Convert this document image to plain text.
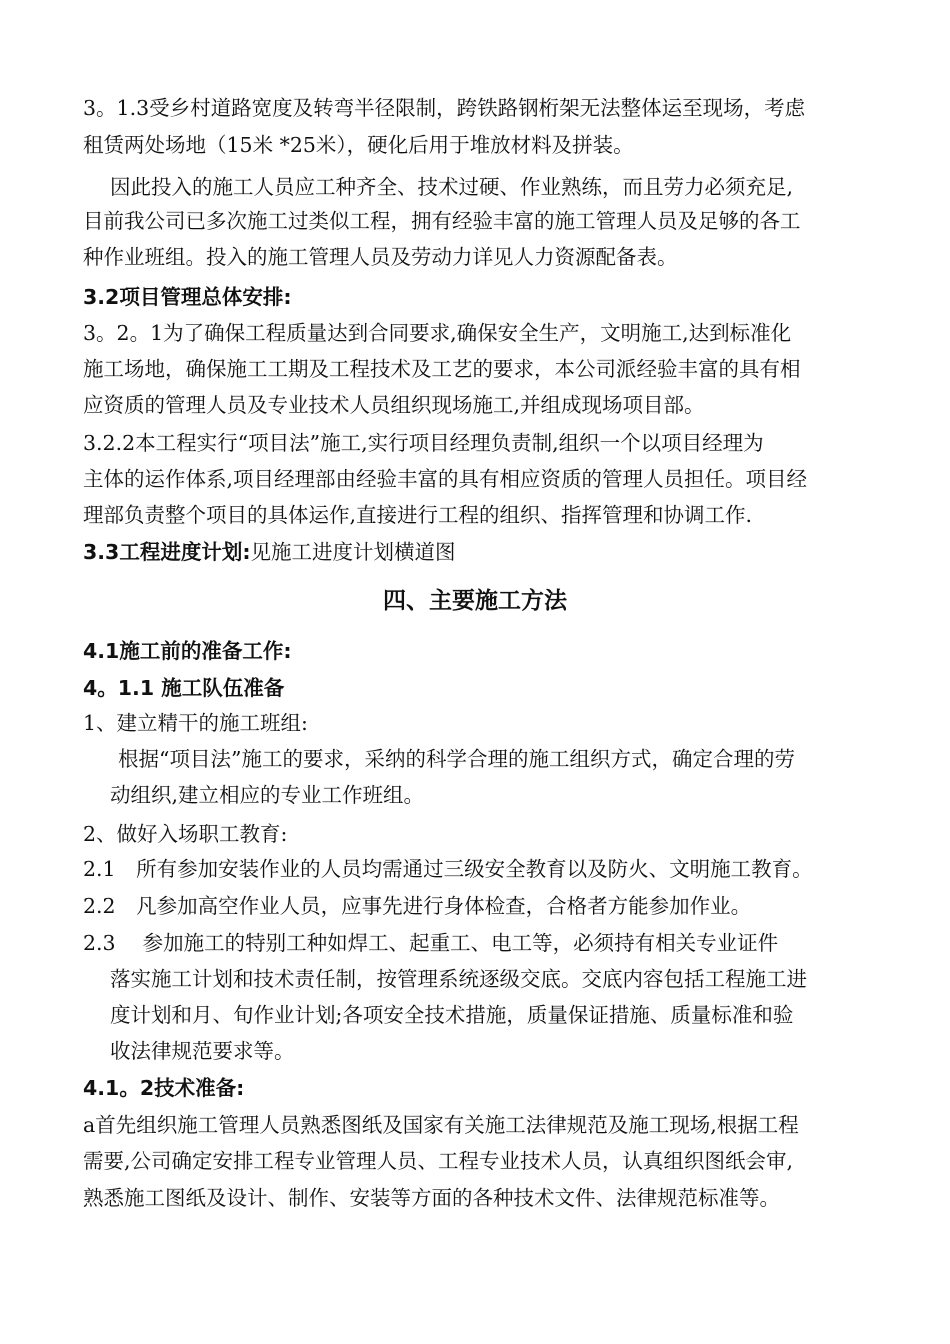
3。1.3受乡村道路宽度及转弯半径限制，跨铁路钢桁架无法整体运至现场，考虑
租赁两处场地（15米 *25米），硬化后用于堆放材料及拼装。
因此投入的施工人员应工种齐全、技术过硬、作业熟练，而且劳力必须充足,
目前我公司已多次施工过类似工程，拥有经验丰富的施工管理人员及足够的各工
种作业班组。投入的施工管理人员及劳动力详见人力资源配备表。
3.2项目管理总体安排:
3。2。1为了确保工程质量达到合同要求,确保安全生产，文明施工,达到标准化
施工场地，确保施工工期及工程技术及工艺的要求，本公司派经验丰富的具有相
应资质的管理人员及专业技术人员组织现场施工,并组成现场项目部。
3.2.2本工程实行“项目法”施工,实行项目经理负责制,组织一个以项目经理为
主体的运作体系,项目经理部由经验丰富的具有相应资质的管理人员担任。项目经
理部负责整个项目的具体运作,直接进行工程的组织、指挥管理和协调工作.
3.3工程进度计划:见施工进度计划横道图
四、主要施工方法
4.1施工前的准备工作:
4。1.1 施工队伍准备
1、建立精干的施工班组:
根据“项目法”施工的要求，采纳的科学合理的施工组织方式，确定合理的劳
动组织,建立相应的专业工作班组。
2、做好入场职工教育:
2.1　所有参加安装作业的人员均需通过三级安全教育以及防火、文明施工教育。
2.2　凡参加高空作业人员，应事先进行身体检查，合格者方能参加作业。
2.3　 参加施工的特别工种如焊工、起重工、电工等，必须持有相关专业证件
落实施工计划和技术责任制，按管理系统逐级交底。交底内容包括工程施工进
度计划和月、旬作业计划;各项安全技术措施，质量保证措施、质量标准和验
收法律规范要求等。
4.1。2技术准备:
a首先组织施工管理人员熟悉图纸及国家有关施工法律规范及施工现场,根据工程
需要,公司确定安排工程专业管理人员、工程专业技术人员，认真组织图纸会审,
熟悉施工图纸及设计、制作、安装等方面的各种技术文件、法律规范标准等。
